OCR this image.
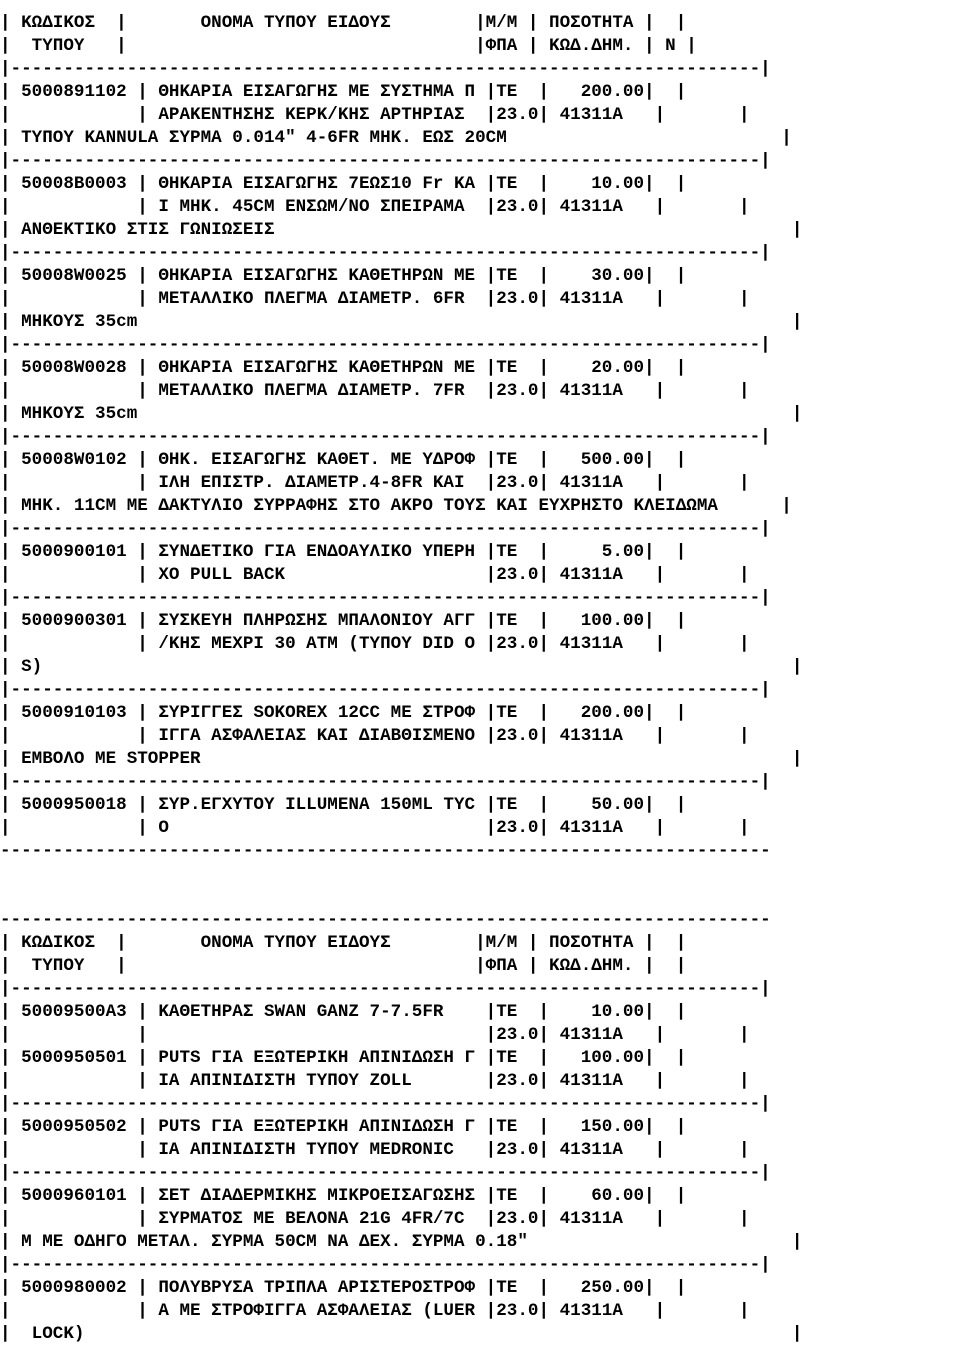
| ΚΩΔΙΚΟΣ  |       ΟΝΟΜΑ ΤΥΠΟΥ ΕΙΔΟΥΣ        |Μ/Μ | ΠΟΣΟΤΗΤΑ |  |
|  ΤΥΠΟΥ   |                                 |ΦΠΑ | ΚΩΔ.ΔΗΜ. | Ν |
|-----------------------------------------------------------------------|
| 5000891102 | ΘΗΚΑΡΙΑ ΕΙΣΑΓΩΓΗΣ ΜΕ ΣΥΣΤΗΜΑ Π |ΤΕ  |   200.00|  |
|            | ΑΡΑΚΕΝΤΗΣΗΣ ΚΕΡΚ/ΚΗΣ ΑΡΤΗΡΙΑΣ  |23.0| 41311A   |       |
| ΤΥΠΟΥ KANNULA ΣΥΡΜΑ 0.014" 4-6FR ΜΗΚ. ΕΩΣ 20CM                          |
|-----------------------------------------------------------------------|
| 50008B0003 | ΘΗΚΑΡΙΑ ΕΙΣΑΓΩΓΗΣ 7ΕΩΣ10 Fr ΚΑ |ΤΕ  |    10.00|  |
|            | Ι ΜΗΚ. 45CM ΕΝΣΩΜ/ΝΟ ΣΠΕΙΡΑΜΑ  |23.0| 41311A   |       |
| ΑΝΘΕΚΤΙΚΟ ΣΤΙΣ ΓΩΝΙΩΣΕΙΣ                                                 |
|-----------------------------------------------------------------------|
| 50008W0025 | ΘΗΚΑΡΙΑ ΕΙΣΑΓΩΓΗΣ ΚΑΘΕΤΗΡΩΝ ΜΕ |ΤΕ  |    30.00|  |
|            | ΜΕΤΑΛΛΙΚΟ ΠΛΕΓΜΑ ΔΙΑΜΕΤΡ. 6FR  |23.0| 41311A   |       |
| ΜΗΚΟΥΣ 35cm                                                              |
|-----------------------------------------------------------------------|
| 50008W0028 | ΘΗΚΑΡΙΑ ΕΙΣΑΓΩΓΗΣ ΚΑΘΕΤΗΡΩΝ ΜΕ |ΤΕ  |    20.00|  |
|            | ΜΕΤΑΛΛΙΚΟ ΠΛΕΓΜΑ ΔΙΑΜΕΤΡ. 7FR  |23.0| 41311A   |       |
| ΜΗΚΟΥΣ 35cm                                                              |
|-----------------------------------------------------------------------|
| 50008W0102 | ΘΗΚ. ΕΙΣΑΓΩΓΗΣ ΚΑΘΕΤ. ΜΕ ΥΔΡΟΦ |ΤΕ  |   500.00|  |
|            | ΙΛΗ ΕΠΙΣΤΡ. ΔΙΑΜΕΤΡ.4-8FR ΚΑΙ  |23.0| 41311A   |       |
| ΜΗΚ. 11CM ΜΕ ΔΑΚΤΥΛΙΟ ΣΥΡΡΑΦΗΣ ΣΤΟ ΑΚΡΟ ΤΟΥΣ ΚΑΙ ΕΥΧΡΗΣΤΟ ΚΛΕΙΔΩΜΑ      |
|-----------------------------------------------------------------------|
| 5000900101 | ΣΥΝΔΕΤΙΚΟ ΓΙΑ ΕΝΔΟΑΥΛΙΚΟ ΥΠΕΡΗ |ΤΕ  |     5.00|  |
|            | ΧΟ PULL BACK                   |23.0| 41311A   |       |
|-----------------------------------------------------------------------|
| 5000900301 | ΣΥΣΚΕΥΗ ΠΛΗΡΩΣΗΣ ΜΠΑΛΟΝΙΟΥ ΑΓΓ |ΤΕ  |   100.00|  |
|            | /ΚΗΣ ΜΕΧΡΙ 30 ΑΤΜ (ΤΥΠΟΥ DID Ο |23.0| 41311A   |       |
| S)                                                                       |
|-----------------------------------------------------------------------|
| 5000910103 | ΣΥΡΙΓΓΕΣ SOKOREX 12CC ΜΕ ΣΤΡΟΦ |ΤΕ  |   200.00|  |
|            | ΙΓΓΑ ΑΣΦΑΛΕΙΑΣ ΚΑΙ ΔΙΑΒΘΙΣΜΕΝΟ |23.0| 41311A   |       |
| ΕΜΒΟΛΟ ΜΕ STOPPER                                                        |
|-----------------------------------------------------------------------|
| 5000950018 | ΣΥΡ.ΕΓΧΥΤΟΥ ILLUMENA 150ML TYC |ΤΕ  |    50.00|  |
|            | O                              |23.0| 41311A   |       |
-------------------------------------------------------------------------
-------------------------------------------------------------------------
| ΚΩΔΙΚΟΣ  |       ΟΝΟΜΑ ΤΥΠΟΥ ΕΙΔΟΥΣ        |Μ/Μ | ΠΟΣΟΤΗΤΑ |  |
|  ΤΥΠΟΥ   |                                 |ΦΠΑ | ΚΩΔ.ΔΗΜ. |  |
|-----------------------------------------------------------------------|
| 50009500A3 | ΚΑΘΕΤΗΡΑΣ SWAN GANZ 7-7.5FR    |ΤΕ  |    10.00|  |
|            |                                |23.0| 41311A   |       |
| 5000950501 | PUTS ΓΙΑ ΕΞΩΤΕΡΙΚΗ ΑΠΙΝΙΔΩΣΗ Γ |ΤΕ  |   100.00|  |
|            | ΙΑ ΑΠΙΝΙΔΙΣΤΗ ΤΥΠΟΥ ZOLL       |23.0| 41311A   |       |
|-----------------------------------------------------------------------|
| 5000950502 | PUTS ΓΙΑ ΕΞΩΤΕΡΙΚΗ ΑΠΙΝΙΔΩΣΗ Γ |ΤΕ  |   150.00|  |
|            | ΙΑ ΑΠΙΝΙΔΙΣΤΗ ΤΥΠΟΥ MEDRONIC   |23.0| 41311A   |       |
|-----------------------------------------------------------------------|
| 5000960101 | ΣΕΤ ΔΙΑΔΕΡΜΙΚΗΣ ΜΙΚΡΟΕΙΣΑΓΩΣΗΣ |ΤΕ  |    60.00|  |
|            | ΣΥΡΜΑΤΟΣ ΜΕ ΒΕΛΟΝΑ 21G 4FR/7C  |23.0| 41311A   |       |
| Μ ΜΕ ΟΔΗΓΟ ΜΕΤΑΛ. ΣΥΡΜΑ 50CM ΝΑ ΔΕΧ. ΣΥΡΜΑ 0.18"                         |
|-----------------------------------------------------------------------|
| 5000980002 | ΠΟΛΥΒΡΥΣΑ ΤΡΙΠΛΑ ΑΡΙΣΤΕΡΟΣΤΡΟΦ |ΤΕ  |   250.00|  |
|            | Α ΜΕ ΣΤΡΟΦΙΓΓΑ ΑΣΦΑΛΕΙΑΣ (LUER |23.0| 41311A   |       |
|  LOCK)                                                                   |
